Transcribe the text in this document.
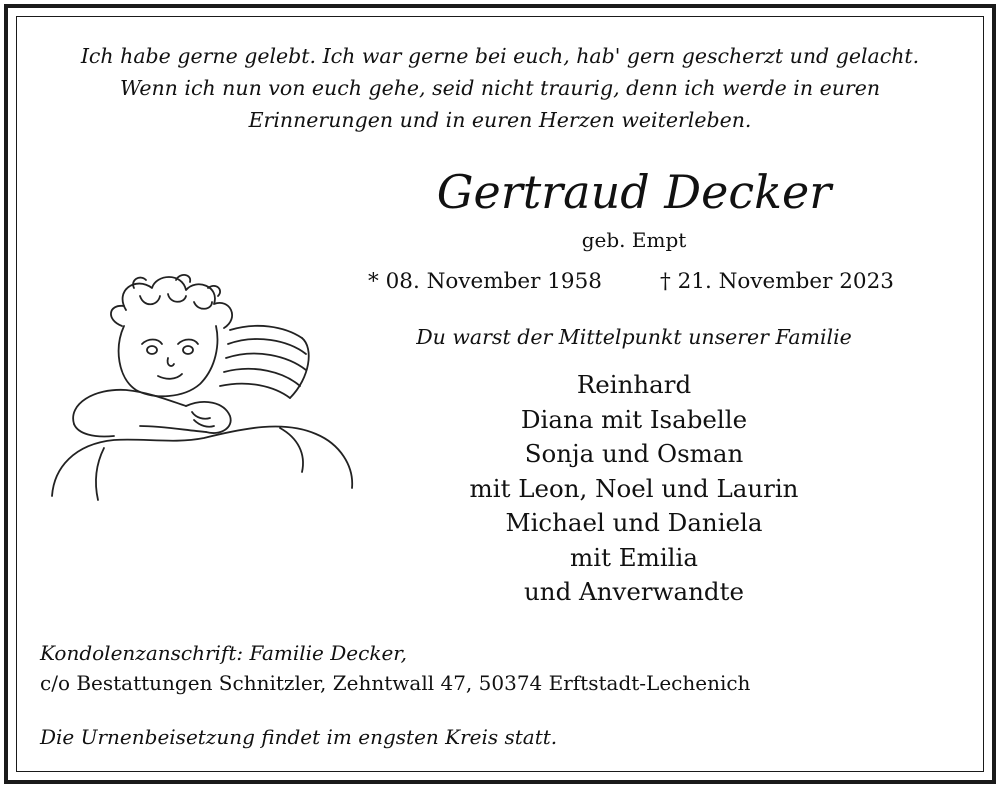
Ich habe gerne gelebt. Ich war gerne bei euch, hab' gern gescherzt und gelacht.
Wenn ich nun von euch gehe, seid nicht traurig, denn ich werde in euren
Erinnerungen und in euren Herzen weiterleben.
Gertraud Decker
geb. Empt
* 08. November 1958	† 21. November 2023
Du warst der Mittelpunkt unserer Familie
Reinhard
Diana mit Isabelle
Sonja und Osman
mit Leon, Noel und Laurin
Michael und Daniela
mit Emilia
und Anverwandte
Kondolenzanschrift: Familie Decker,
c/o Bestattungen Schnitzler, Zehntwall 47, 50374 Erftstadt-Lechenich
Die Urnenbeisetzung findet im engsten Kreis statt.
